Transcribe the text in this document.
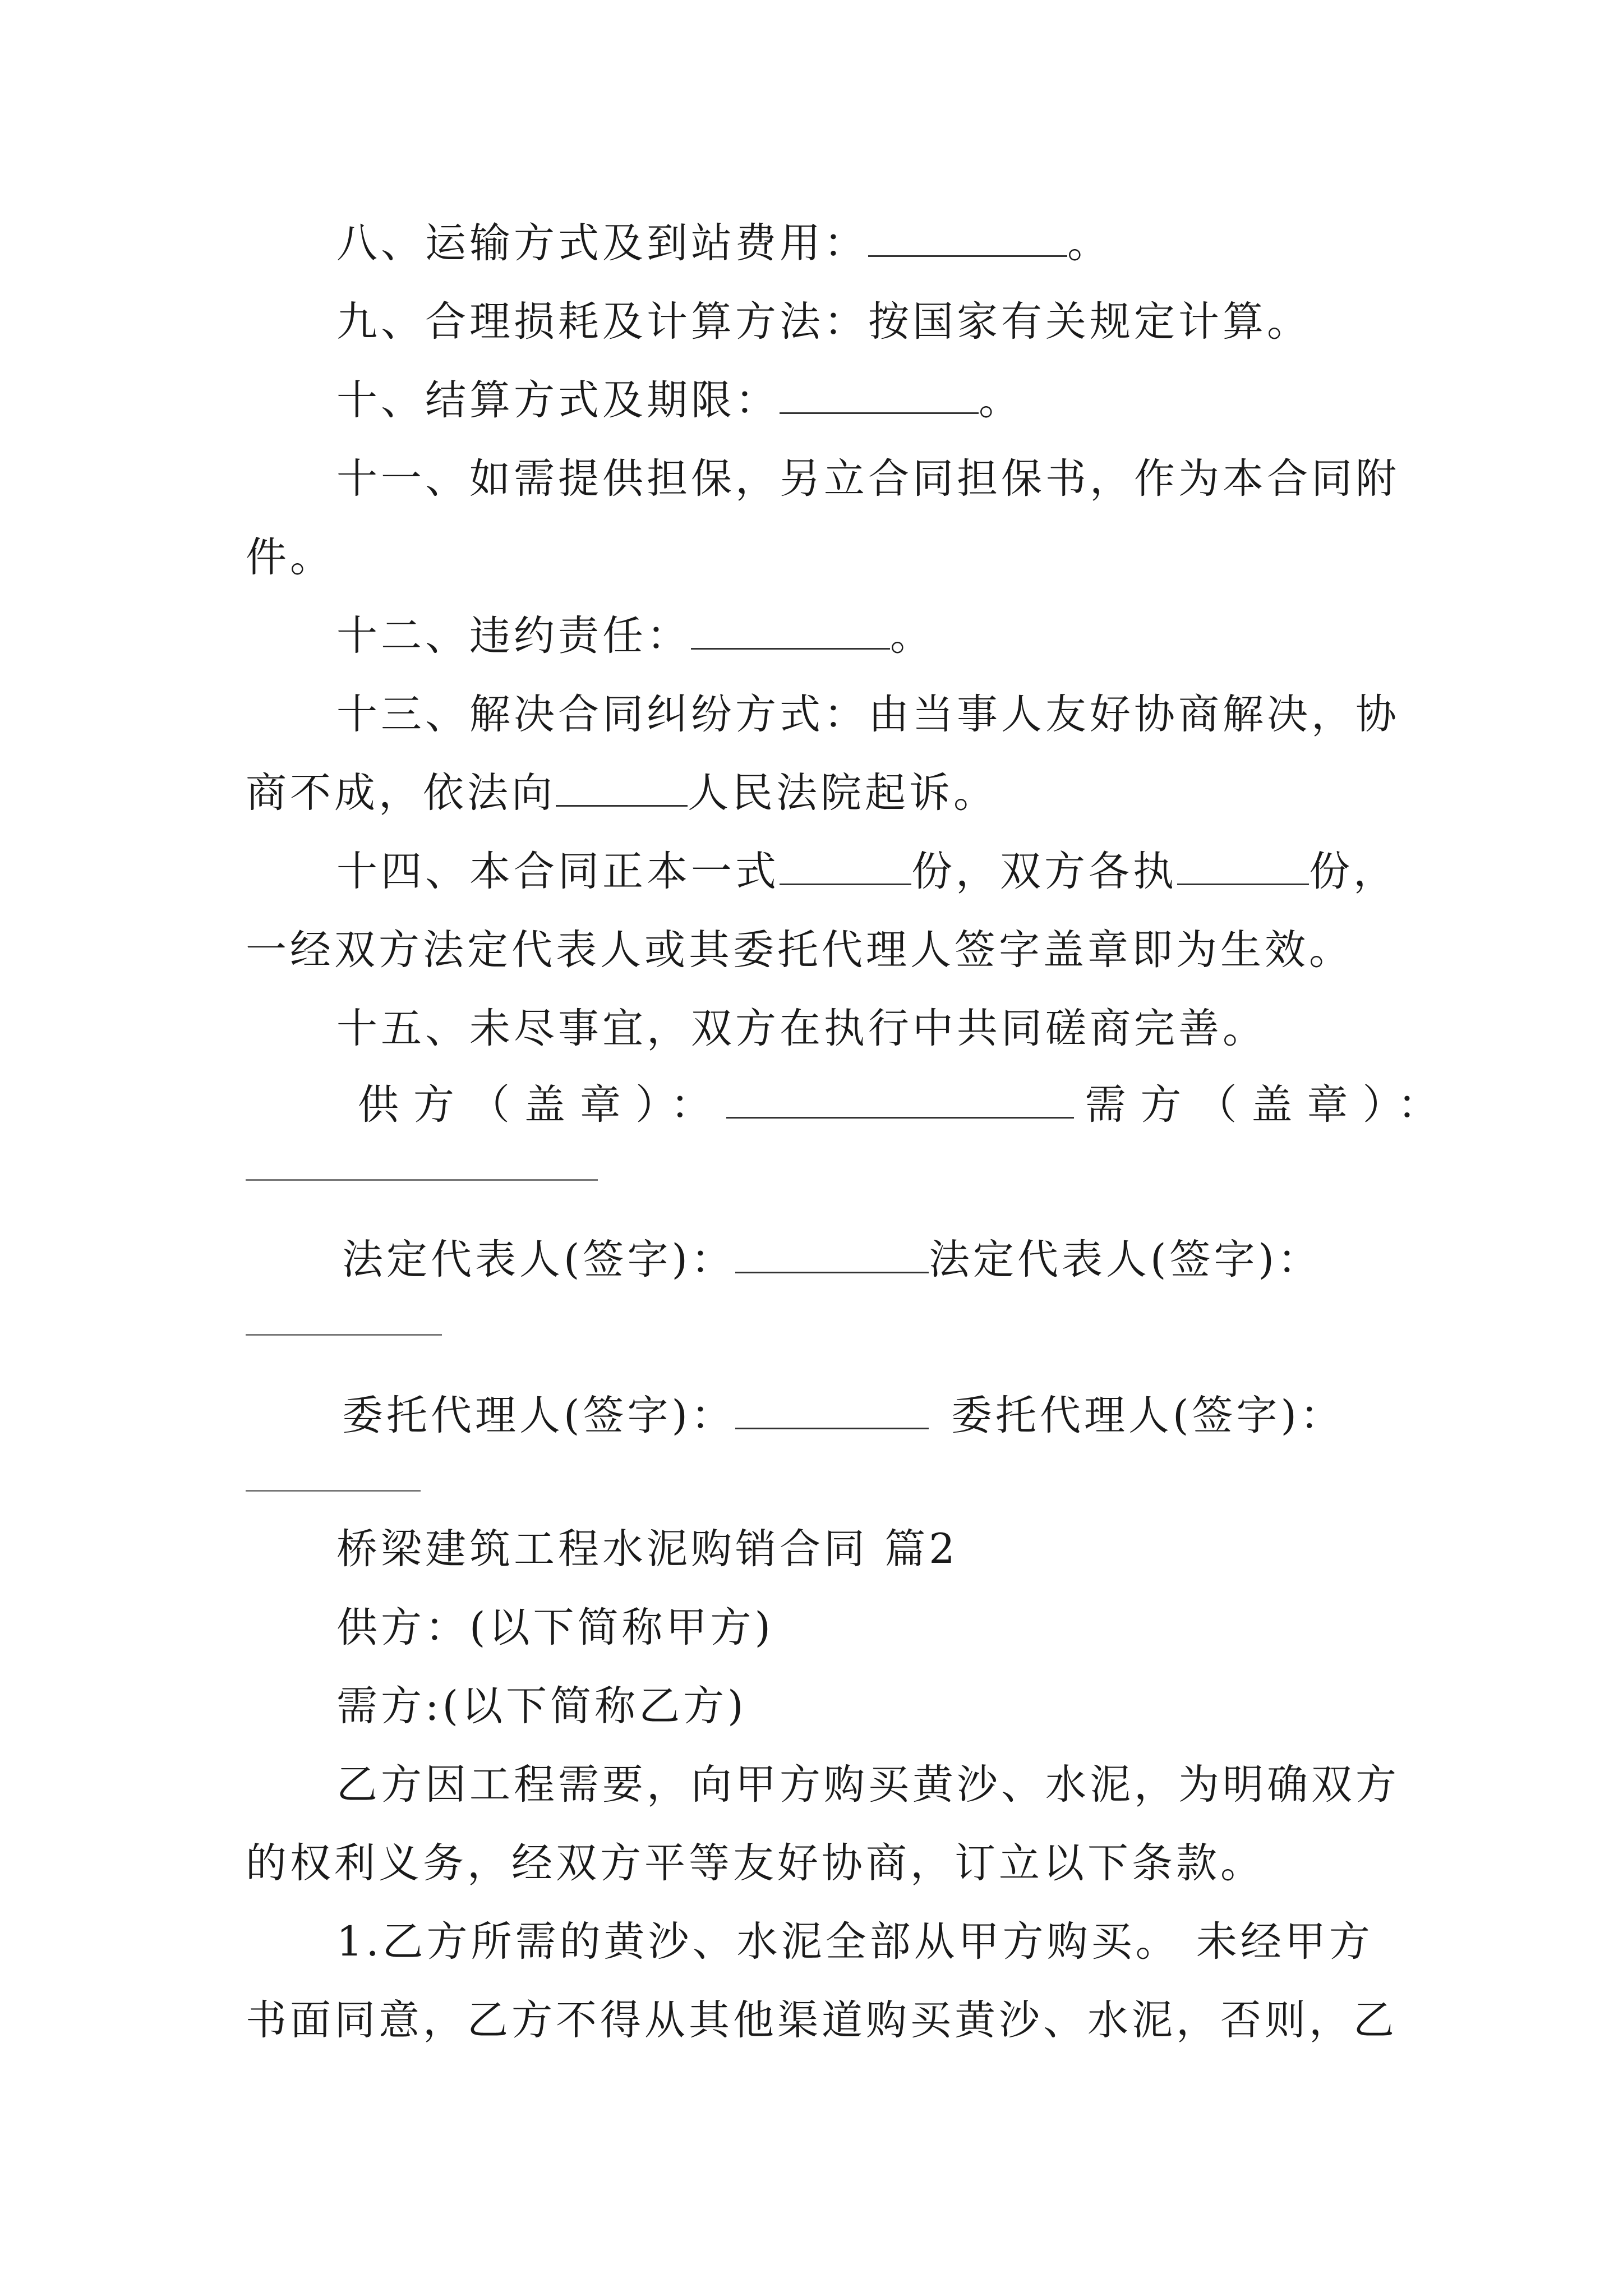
八、运输方式及到站费用：	。
九、合理损耗及计算方法：按国家有关规定计算。
十、结算方式及期限：	。
十一、如需提供担保，另立合同担保书，作为本合同附
件。
十二、违约责任：	。
十三、解决合同纠纷方式：由当事人友好协商解决，协
商不成，依法向	人民法院起诉。
十四、本合同正本一式	份，双方各执	份，
一经双方法定代表人或其委托代理人签字盖章即为生效。
十五、未尽事宜，双方在执行中共同磋商完善。
供方（盖章）：	需方（盖章）：
法定代表人(签字)：	法定代表人(签字)：
委托代理人(签字)：	委托代理人(签字)：
桥梁建筑工程水泥购销合同 篇2
供方：(以下简称甲方)
需方:(以下简称乙方)
乙方因工程需要，向甲方购买黄沙、水泥，为明确双方
的权利义务，经双方平等友好协商，订立以下条款。
1.乙方所需的黄沙、水泥全部从甲方购买。 未经甲方
书面同意，乙方不得从其他渠道购买黄沙、水泥，否则，乙
